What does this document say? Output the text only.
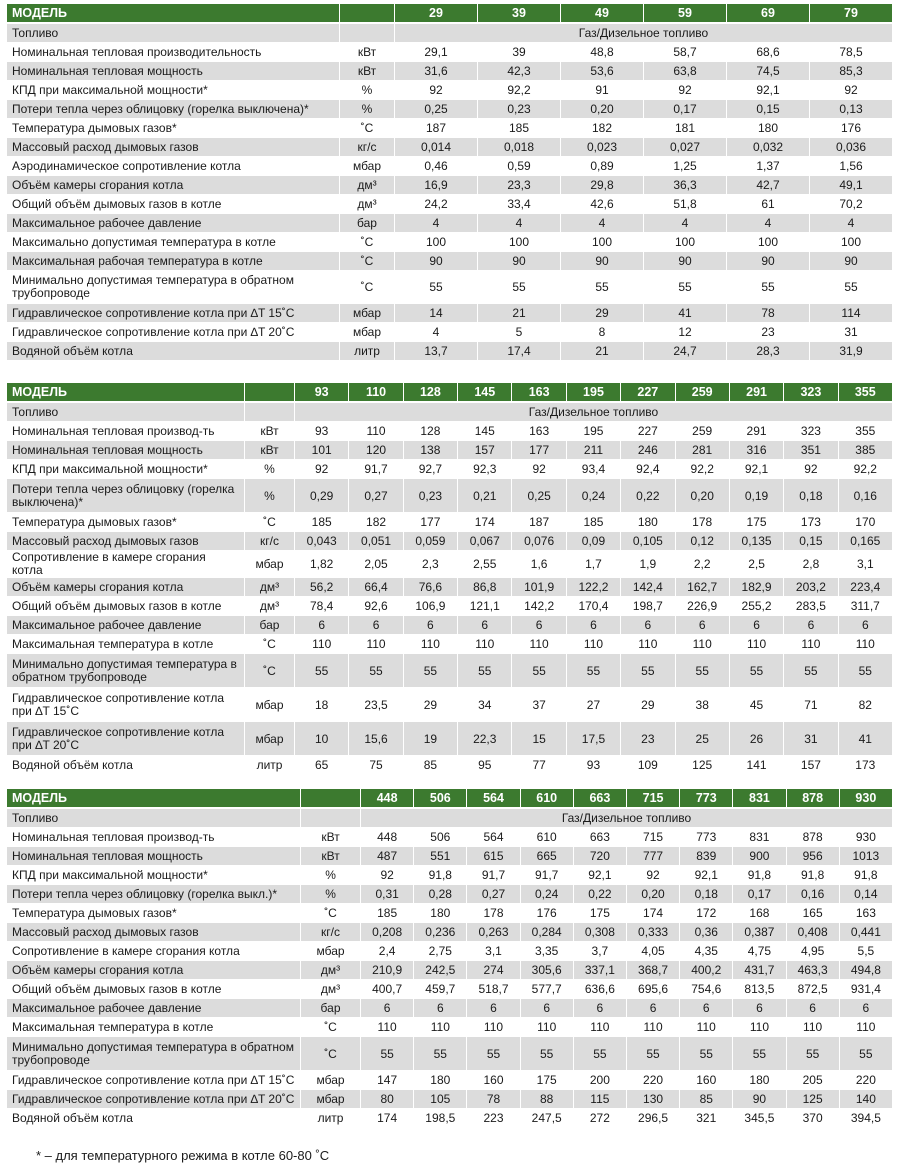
МОДЕЛЬ		29	39	49	59	69	79
Топливо		Газ/Дизельное топливо					
Номинальная тепловая производительность	кВт	29,1	39	48,8	58,7	68,6	78,5
Номинальная тепловая мощность	кВт	31,6	42,3	53,6	63,8	74,5	85,3
КПД при максимальной мощности*	%	92	92,2	91	92	92,1	92
Потери тепла через облицовку (горелка выключена)*	%	0,25	0,23	0,20	0,17	0,15	0,13
Температура дымовых газов*	˚С	187	185	182	181	180	176
Массовый расход дымовых газов	кг/с	0,014	0,018	0,023	0,027	0,032	0,036
Аэродинамическое сопротивление котла	мбар	0,46	0,59	0,89	1,25	1,37	1,56
Объём камеры сгорания котла	дм³	16,9	23,3	29,8	36,3	42,7	49,1
Общий объём дымовых газов в котле	дм³	24,2	33,4	42,6	51,8	61	70,2
Максимальное рабочее давление	бар	4	4	4	4	4	4
Максимально допустимая температура в котле	˚С	100	100	100	100	100	100
Максимальная рабочая температура в котле	˚С	90	90	90	90	90	90
Минимально допустимая температура в обратном трубопроводе	˚С	55	55	55	55	55	55
Гидравлическое сопротивление котла при ∆T 15˚С	мбар	14	21	29	41	78	114
Гидравлическое сопротивление котла при ∆T 20˚С	мбар	4	5	8	12	23	31
Водяной объём котла	литр	13,7	17,4	21	24,7	28,3	31,9
МОДЕЛЬ		93	110	128	145	163	195	227	259	291	323	355
Топливо		Газ/Дизельное топливо										
Номинальная тепловая производ-ть	кВт	93	110	128	145	163	195	227	259	291	323	355
Номинальная тепловая мощность	кВт	101	120	138	157	177	211	246	281	316	351	385
КПД при максимальной мощности*	%	92	91,7	92,7	92,3	92	93,4	92,4	92,2	92,1	92	92,2
Потери тепла через облицовку (горелка выключена)*	%	0,29	0,27	0,23	0,21	0,25	0,24	0,22	0,20	0,19	0,18	0,16
Температура дымовых газов*	˚С	185	182	177	174	187	185	180	178	175	173	170
Массовый расход дымовых газов	кг/с	0,043	0,051	0,059	0,067	0,076	0,09	0,105	0,12	0,135	0,15	0,165
Сопротивление в камере сгорания котла	мбар	1,82	2,05	2,3	2,55	1,6	1,7	1,9	2,2	2,5	2,8	3,1
Объём камеры сгорания котла	дм³	56,2	66,4	76,6	86,8	101,9	122,2	142,4	162,7	182,9	203,2	223,4
Общий объём дымовых газов в котле	дм³	78,4	92,6	106,9	121,1	142,2	170,4	198,7	226,9	255,2	283,5	311,7
Максимальное рабочее давление	бар	6	6	6	6	6	6	6	6	6	6	6
Максимальная температура в котле	˚С	110	110	110	110	110	110	110	110	110	110	110
Минимально допустимая температура в обратном трубопроводе	˚С	55	55	55	55	55	55	55	55	55	55	55
Гидравлическое сопротивление котла при ∆T 15˚С	мбар	18	23,5	29	34	37	27	29	38	45	71	82
Гидравлическое сопротивление котла при ∆T 20˚С	мбар	10	15,6	19	22,3	15	17,5	23	25	26	31	41
Водяной объём котла	литр	65	75	85	95	77	93	109	125	141	157	173
МОДЕЛЬ		448	506	564	610	663	715	773	831	878	930
Топливо		Газ/Дизельное топливо									
Номинальная тепловая производ-ть	кВт	448	506	564	610	663	715	773	831	878	930
Номинальная тепловая мощность	кВт	487	551	615	665	720	777	839	900	956	1013
КПД при максимальной мощности*	%	92	91,8	91,7	91,7	92,1	92	92,1	91,8	91,8	91,8
Потери тепла через облицовку (горелка выкл.)*	%	0,31	0,28	0,27	0,24	0,22	0,20	0,18	0,17	0,16	0,14
Температура дымовых газов*	˚С	185	180	178	176	175	174	172	168	165	163
Массовый расход дымовых газов	кг/с	0,208	0,236	0,263	0,284	0,308	0,333	0,36	0,387	0,408	0,441
Сопротивление в камере сгорания котла	мбар	2,4	2,75	3,1	3,35	3,7	4,05	4,35	4,75	4,95	5,5
Объём камеры сгорания котла	дм³	210,9	242,5	274	305,6	337,1	368,7	400,2	431,7	463,3	494,8
Общий объём дымовых газов в котле	дм³	400,7	459,7	518,7	577,7	636,6	695,6	754,6	813,5	872,5	931,4
Максимальное рабочее давление	бар	6	6	6	6	6	6	6	6	6	6
Максимальная температура в котле	˚С	110	110	110	110	110	110	110	110	110	110
Минимально допустимая температура в обратном трубопроводе	˚С	55	55	55	55	55	55	55	55	55	55
Гидравлическое сопротивление котла при ∆T 15˚С	мбар	147	180	160	175	200	220	160	180	205	220
Гидравлическое сопротивление котла при ∆T 20˚С	мбар	80	105	78	88	115	130	85	90	125	140
Водяной объём котла	литр	174	198,5	223	247,5	272	296,5	321	345,5	370	394,5
* – для температурного режима в котле 60-80 ˚С
